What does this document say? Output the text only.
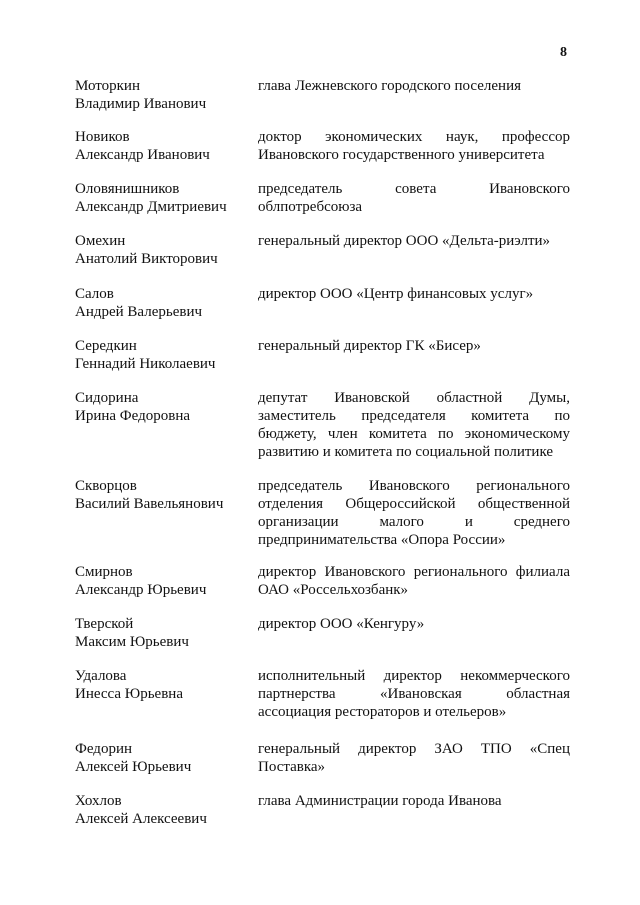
8
Моторкин
Владимир Иванович
глава Лежневского городского поселения
Новиков
Александр Иванович
доктор экономических наук, профессор
Ивановского государственного университета
Оловянишников
Александр Дмитриевич
председатель совета Ивановского
облпотребсоюза
Омехин
Анатолий Викторович
генеральный директор ООО «Дельта-риэлти»
Салов
Андрей Валерьевич
директор ООО «Центр финансовых услуг»
Середкин
Геннадий Николаевич
генеральный директор ГК «Бисер»
Сидорина
Ирина Федоровна
депутат Ивановской областной Думы,
заместитель председателя комитета по
бюджету, член комитета по экономическому
развитию и комитета по социальной политике
Скворцов
Василий Вавельянович
председатель Ивановского регионального
отделения Общероссийской общественной
организации малого и среднего
предпринимательства «Опора России»
Смирнов
Александр Юрьевич
директор Ивановского регионального филиала
ОАО «Россельхозбанк»
Тверской
Максим Юрьевич
директор ООО «Кенгуру»
Удалова
Инесса Юрьевна
исполнительный директор некоммерческого
партнерства «Ивановская областная
ассоциация рестораторов и отельеров»
Федорин
Алексей Юрьевич
генеральный директор ЗАО ТПО «Спец
Поставка»
Хохлов
Алексей Алексеевич
глава Администрации города Иванова
